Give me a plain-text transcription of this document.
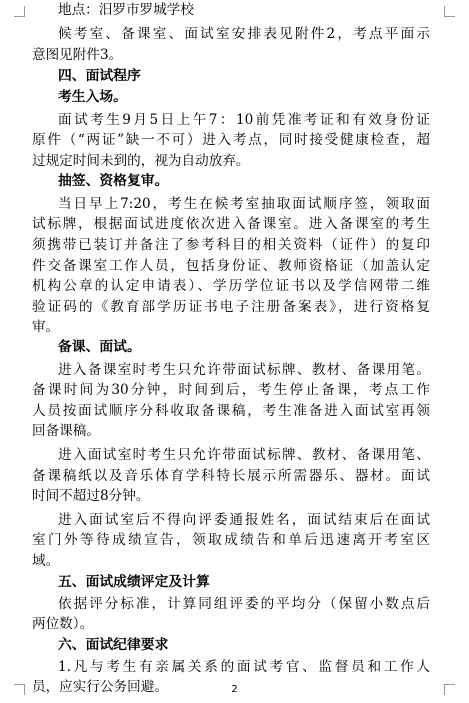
地点：汨罗市罗城学校
候考室、备课室、面试室安排表见附件2，考点平面示
意图见附件3。
四、面试程序
考生入场。
面试考生9月5日上午7：10前凭准考证和有效身份证
原件（“两证”缺一不可）进入考点，同时接受健康检查，超
过规定时间未到的，视为自动放弃。
抽签、资格复审。
当日早上7:20，考生在候考室抽取面试顺序签，领取面
试标牌，根据面试进度依次进入备课室。进入备课室的考生
须携带已装订并备注了参考科目的相关资料（证件）的复印
件交备课室工作人员，包括身份证、教师资格证（加盖认定
机构公章的认定申请表）、学历学位证书以及学信网带二维
验证码的《教育部学历证书电子注册备案表》，进行资格复
审。
备课、面试。
进入备课室时考生只允许带面试标牌、教材、备课用笔。
备课时间为30分钟，时间到后，考生停止备课，考点工作
人员按面试顺序分科收取备课稿，考生准备进入面试室再领
回备课稿。
进入面试室时考生只允许带面试标牌、教材、备课用笔、
备课稿纸以及音乐体育学科特长展示所需器乐、器材。面试
时间不超过8分钟。
进入面试室后不得向评委通报姓名，面试结束后在面试
室门外等待成绩宣告，领取成绩告和单后迅速离开考室区
域。
五、面试成绩评定及计算
依据评分标准，计算同组评委的平均分（保留小数点后
两位数）。
六、面试纪律要求
1.凡与考生有亲属关系的面试考官、监督员和工作人
员，应实行公务回避。	2
